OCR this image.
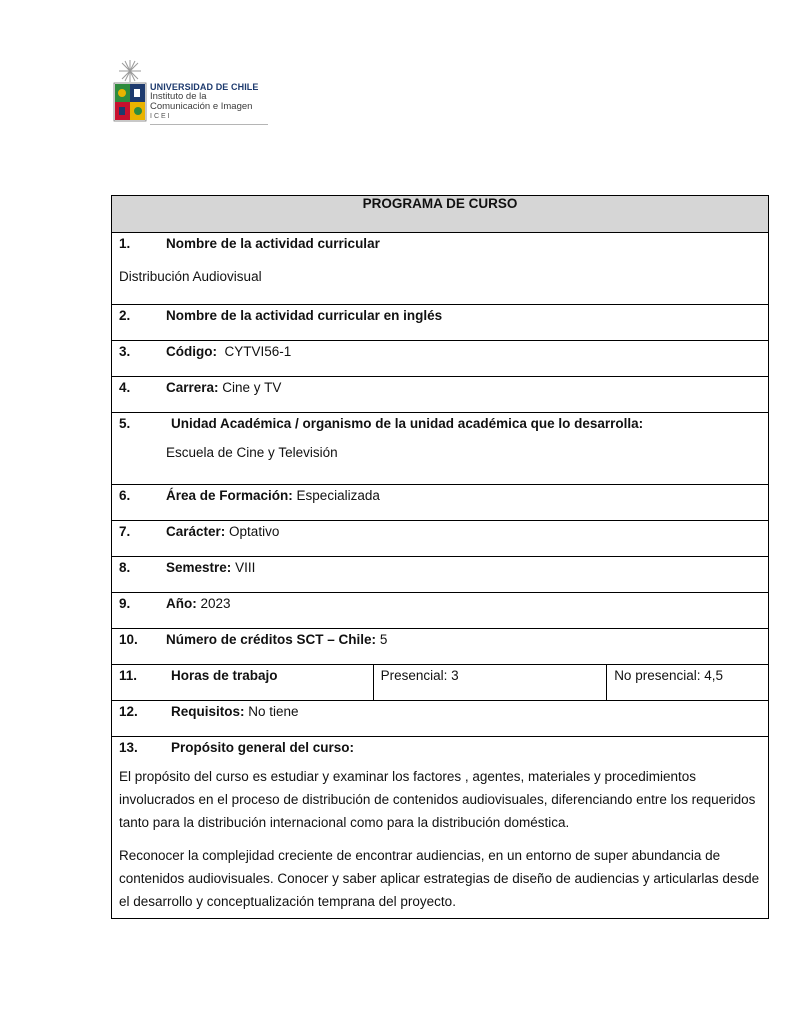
UNIVERSIDAD DE CHILE
Instituto de la
Comunicación e Imagen
ICEI
PROGRAMA DE CURSO

1.	Nombre de la actividad curricular
Distribución Audiovisual

2.	Nombre de la actividad curricular en inglés

3.	Código:
CYTVI56-1

4.	Carrera:
Cine y TV

5.	Unidad Académica / organismo de la unidad académica que lo desarrolla:
Escuela de Cine y Televisión

6.	Área de Formación:
Especializada

7.	Carácter:
Optativo

8.	Semestre:
VIII

9.	Año:
2023

10.	Número de créditos SCT – Chile:
5

11.	Horas de trabajo	Presencial: 3	No presencial: 4,5

12.	Requisitos:
No tiene

13.	Propósito general del curso:

El propósito del curso es estudiar y examinar los factores , agentes, materiales y procedimientos involucrados en el proceso de distribución de contenidos audiovisuales, diferenciando entre los requeridos tanto para la distribución internacional como para la distribución doméstica.

Reconocer la complejidad creciente de encontrar audiencias, en un entorno de super abundancia de contenidos audiovisuales. Conocer y saber aplicar estrategias de diseño de audiencias y articularlas desde el desarrollo y conceptualización temprana del proyecto.
